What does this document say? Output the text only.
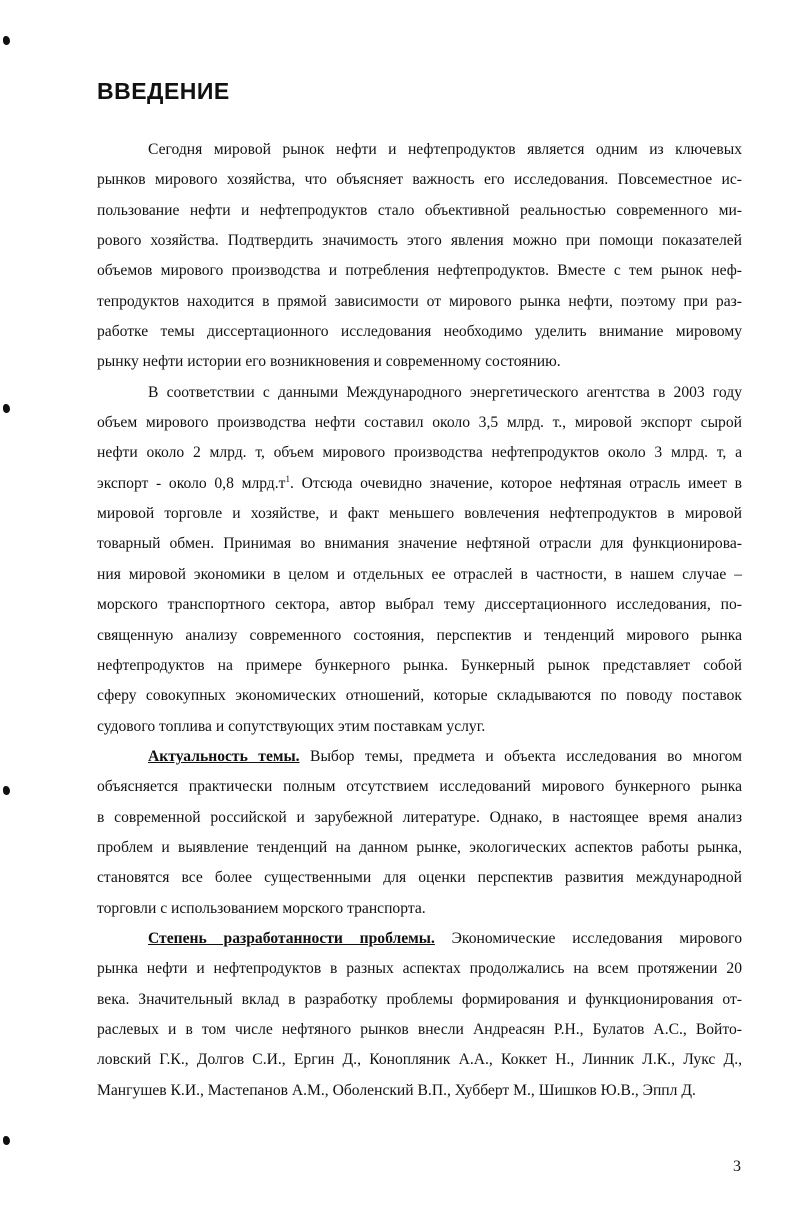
ВВЕДЕНИЕ
Сегодня мировой рынок нефти и нефтепродуктов является одним из ключевых
рынков мирового хозяйства, что объясняет важность его исследования. Повсеместное ис-
пользование нефти и нефтепродуктов стало объективной реальностью современного ми-
рового хозяйства. Подтвердить значимость этого явления можно при помощи показателей
объемов мирового производства и потребления нефтепродуктов. Вместе с тем рынок неф-
тепродуктов находится в прямой зависимости от мирового рынка нефти, поэтому при раз-
работке темы диссертационного исследования необходимо уделить внимание мировому
рынку нефти истории его возникновения и современному состоянию.
В соответствии с данными Международного энергетического агентства в 2003 году
объем мирового производства нефти составил около 3,5 млрд. т., мировой экспорт сырой
нефти около 2 млрд. т, объем мирового производства нефтепродуктов около 3 млрд. т, а
экспорт - около 0,8 $млрд.т^1$. Отсюда очевидно значение, которое нефтяная отрасль имеет в
мировой торговле и хозяйстве, и факт меньшего вовлечения нефтепродуктов в мировой
товарный обмен. Принимая во внимания значение нефтяной отрасли для функционирова-
ния мировой экономики в целом и отдельных ее отраслей в частности, в нашем случае –
морского транспортного сектора, автор выбрал тему диссертационного исследования, по-
священную анализу современного состояния, перспектив и тенденций мирового рынка
нефтепродуктов на примере бункерного рынка. Бункерный рынок представляет собой
сферу совокупных экономических отношений, которые складываются по поводу поставок
судового топлива и сопутствующих этим поставкам услуг.
Актуальность темы. Выбор темы, предмета и объекта исследования во многом
объясняется практически полным отсутствием исследований мирового бункерного рынка
в современной российской и зарубежной литературе. Однако, в настоящее время анализ
проблем и выявление тенденций на данном рынке, экологических аспектов работы рынка,
становятся все более существенными для оценки перспектив развития международной
торговли с использованием морского транспорта.
Степень разработанности проблемы. Экономические исследования мирового
рынка нефти и нефтепродуктов в разных аспектах продолжались на всем протяжении 20
века. Значительный вклад в разработку проблемы формирования и функционирования от-
раслевых и в том числе нефтяного рынков внесли Андреасян Р.Н., Булатов А.С., Войто-
ловский Г.К., Долгов С.И., Ергин Д., Конопляник А.А., Коккет Н., Линник Л.К., Лукс Д.,
Мангушев К.И., Мастепанов А.М., Оболенский В.П., Хубберт М., Шишков Ю.В., Эппл Д.
3
